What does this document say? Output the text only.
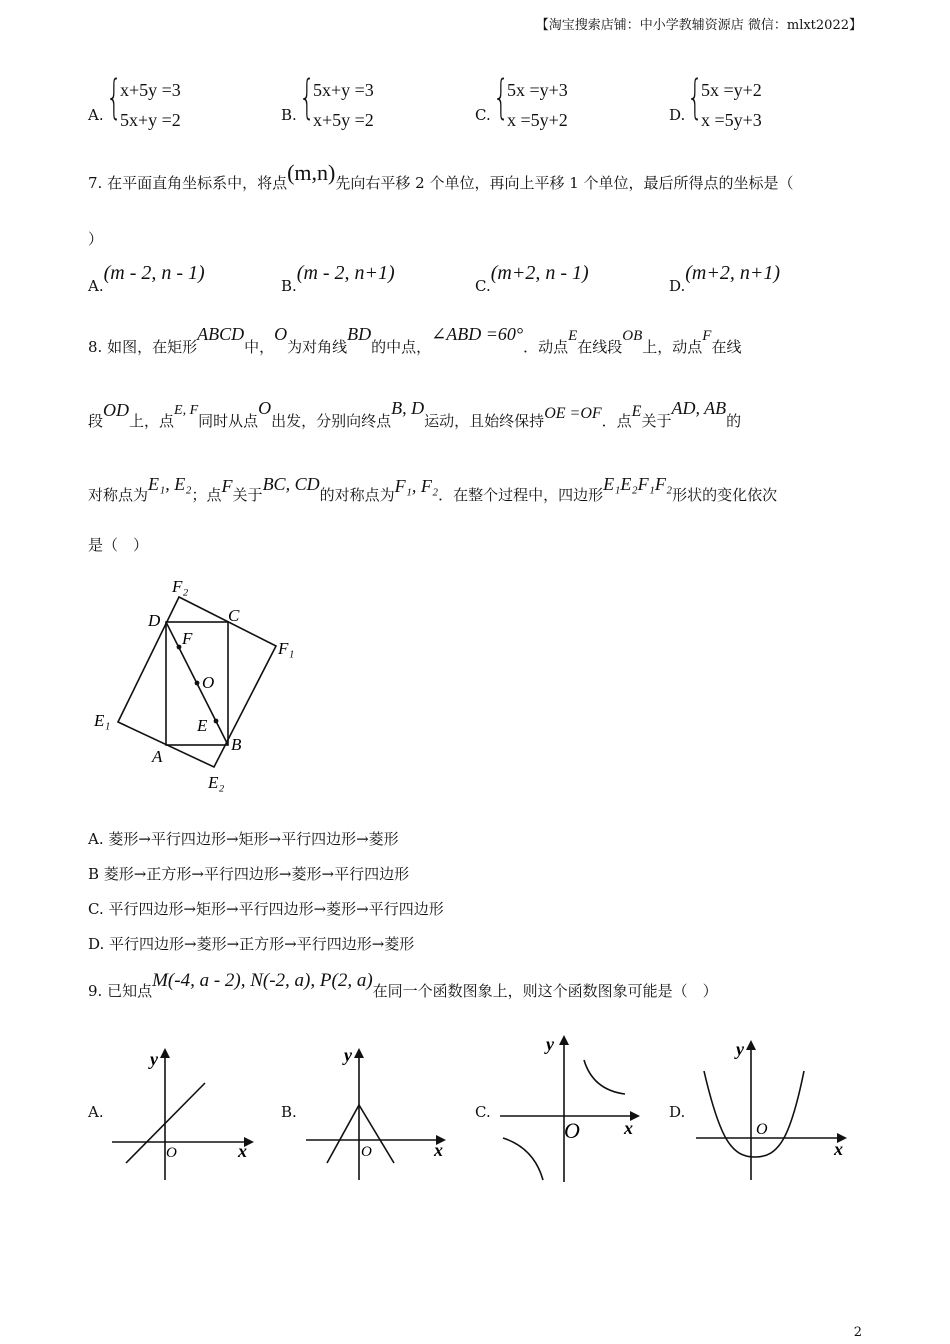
【淘宝搜索店铺：中小学教辅资源店 微信：mlxt2022】
A. {
x+5y =3
5x+y =2	B. {
5x+y =3
x+5y =2	C. {
5x =y+3
x =5y+2	D. {
5x =y+2
x =5y+3
7. 在平面直角坐标系中，将点(m,n)先向右平移 2 个单位，再向上平移 1 个单位，最后所得点的坐标是（
）
A.(m - 2, n - 1)
B.(m - 2, n+1)
C.(m+2, n - 1)
D.(m+2, n+1)
8. 如图，在矩形ABCD中，O为对角线BD的中点，∠ABD =60°．动点E在线段OB上，动点F在线
段OD上，点E, F同时从点O出发，分别向终点B, D运动，且始终保持OE =OF．点E关于AD, AB的
对称点为E₁, E₂；点F关于BC, CD的对称点为F₁, F₂．在整个过程中，四边形E₁E₂F₁F₂形状的变化依次
是（　）
F₂
D	C
F
F₁
O
E₁	E
B
A
E₂
A. 菱形→平行四边形→矩形→平行四边形→菱形
B 菱形→正方形→平行四边形→菱形→平行四边形
C. 平行四边形→矩形→平行四边形→菱形→平行四边形
D. 平行四边形→菱形→正方形→平行四边形→菱形
9. 已知点M(-4, a - 2), N(-2, a), P(2, a)在同一个函数图象上，则这个函数图象可能是（　）
A.
x
y
O
B.
x
y
O
C.
x
y
O
D.
x
y
O
2
